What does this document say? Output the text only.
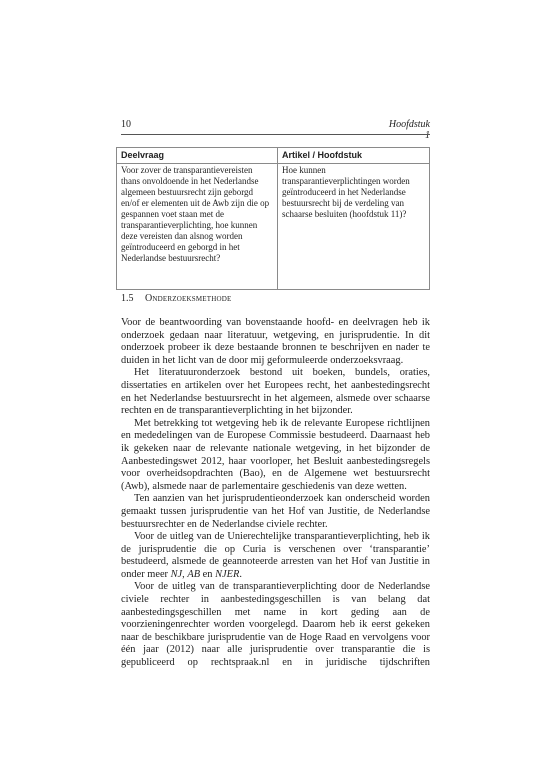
10	Hoofdstuk 1
Deelvraag	Artikel / Hoofdstuk
Voor zover de transparantievereisten thans onvoldoende in het Nederlandse algemeen bestuursrecht zijn geborgd en/of er elementen uit de Awb zijn die op gespannen voet staan met de transparantieverplichting, hoe kunnen deze vereisten dan alsnog worden geïntroduceerd en geborgd in het Nederlandse bestuursrecht?	Hoe kunnen transparantieverplichtingen worden geïntroduceerd in het Nederlandse bestuursrecht bij de verdeling van schaarse besluiten (hoofdstuk 11)?
1.5 Onderzoeksmethode

Voor de beantwoording van bovenstaande hoofd- en deelvragen heb ik onderzoek gedaan naar literatuur, wetgeving, en jurisprudentie. In dit onderzoek probeer ik deze bestaande bronnen te beschrijven en nader te duiden in het licht van de door mij geformuleerde onderzoeksvraag.

Het literatuuronderzoek bestond uit boeken, bundels, oraties, dissertaties en artikelen over het Europees recht, het aanbestedingsrecht en het Nederlandse bestuursrecht in het algemeen, alsmede over schaarse rechten en de transparantieverplichting in het bijzonder.

Met betrekking tot wetgeving heb ik de relevante Europese richtlijnen en mededelingen van de Europese Commissie bestudeerd. Daarnaast heb ik gekeken naar de relevante nationale wetgeving, in het bijzonder de Aanbestedingswet 2012, haar voorloper, het Besluit aanbestedingsregels voor overheidsopdrachten (Bao), en de Algemene wet bestuursrecht (Awb), alsmede naar de parlementaire geschiedenis van deze wetten.

Ten aanzien van het jurisprudentieonderzoek kan onderscheid worden gemaakt tussen jurisprudentie van het Hof van Justitie, de Nederlandse bestuursrechter en de Nederlandse civiele rechter.

Voor de uitleg van de Unierechtelijke transparantieverplichting, heb ik de jurisprudentie die op Curia is verschenen over ‘transparantie’ bestudeerd, alsmede de geannoteerde arresten van het Hof van Justitie in onder meer NJ, AB en NJER.

Voor de uitleg van de transparantieverplichting door de Nederlandse civiele rechter in aanbestedingsgeschillen is van belang dat aanbestedingsgeschillen met name in kort geding aan de voorzieningenrechter worden voorgelegd. Daarom heb ik eerst gekeken naar de beschikbare jurisprudentie van de Hoge Raad en vervolgens voor één jaar (2012) naar alle jurisprudentie over transparantie die is gepubliceerd op rechtspraak.nl en in juridische tijdschriften
